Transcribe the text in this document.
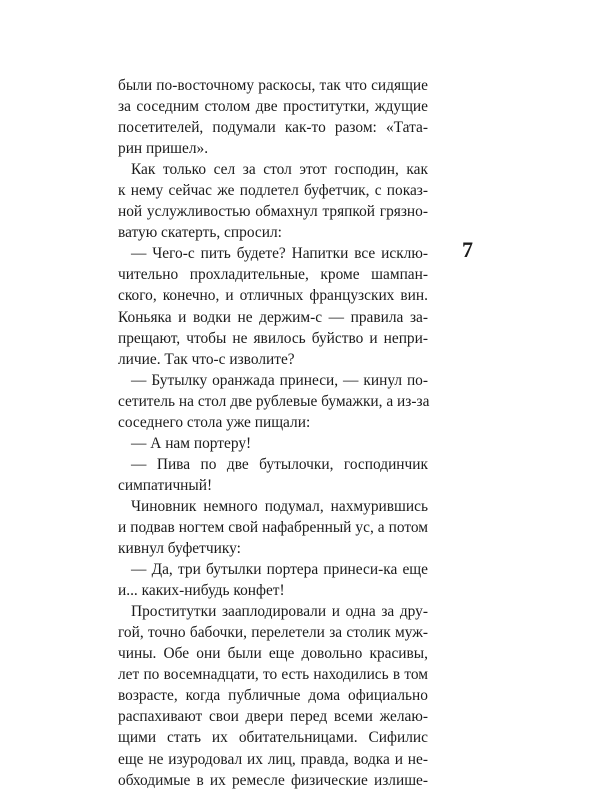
были по-восточному раскосы, так что сидящие
за соседним столом две проститутки, ждущие
посетителей, подумали как-то разом: «Тата-
рин пришел».
Как только сел за стол этот господин, как
к нему сейчас же подлетел буфетчик, с показ-
ной услужливостью обмахнул тряпкой грязно-
ватую скатерть, спросил:
— Чего-с пить будете? Напитки все исклю-
чительно прохладительные, кроме шампан-
ского, конечно, и отличных французских вин.
Коньяка и водки не держим-с — правила за-
прещают, чтобы не явилось буйство и непри-
личие. Так что-с изволите?
— Бутылку оранжада принеси, — кинул по-
сетитель на стол две рублевые бумажки, а из-за
соседнего стола уже пищали:
— А нам портеру!
— Пива по две бутылочки, господинчик
симпатичный!
Чиновник немного подумал, нахмурившись
и подвав ногтем свой нафабренный ус, а потом
кивнул буфетчику:
— Да, три бутылки портера принеси-ка еще
и... каких-нибудь конфет!
Проститутки зааплодировали и одна за дру-
гой, точно бабочки, перелетели за столик муж-
чины. Обе они были еще довольно красивы,
лет по восемнадцати, то есть находились в том
возрасте, когда публичные дома официально
распахивают свои двери перед всеми желаю-
щими стать их обитательницами. Сифилис
еще не изуродовал их лиц, правда, водка и не-
обходимые в их ремесле физические излише-
7
